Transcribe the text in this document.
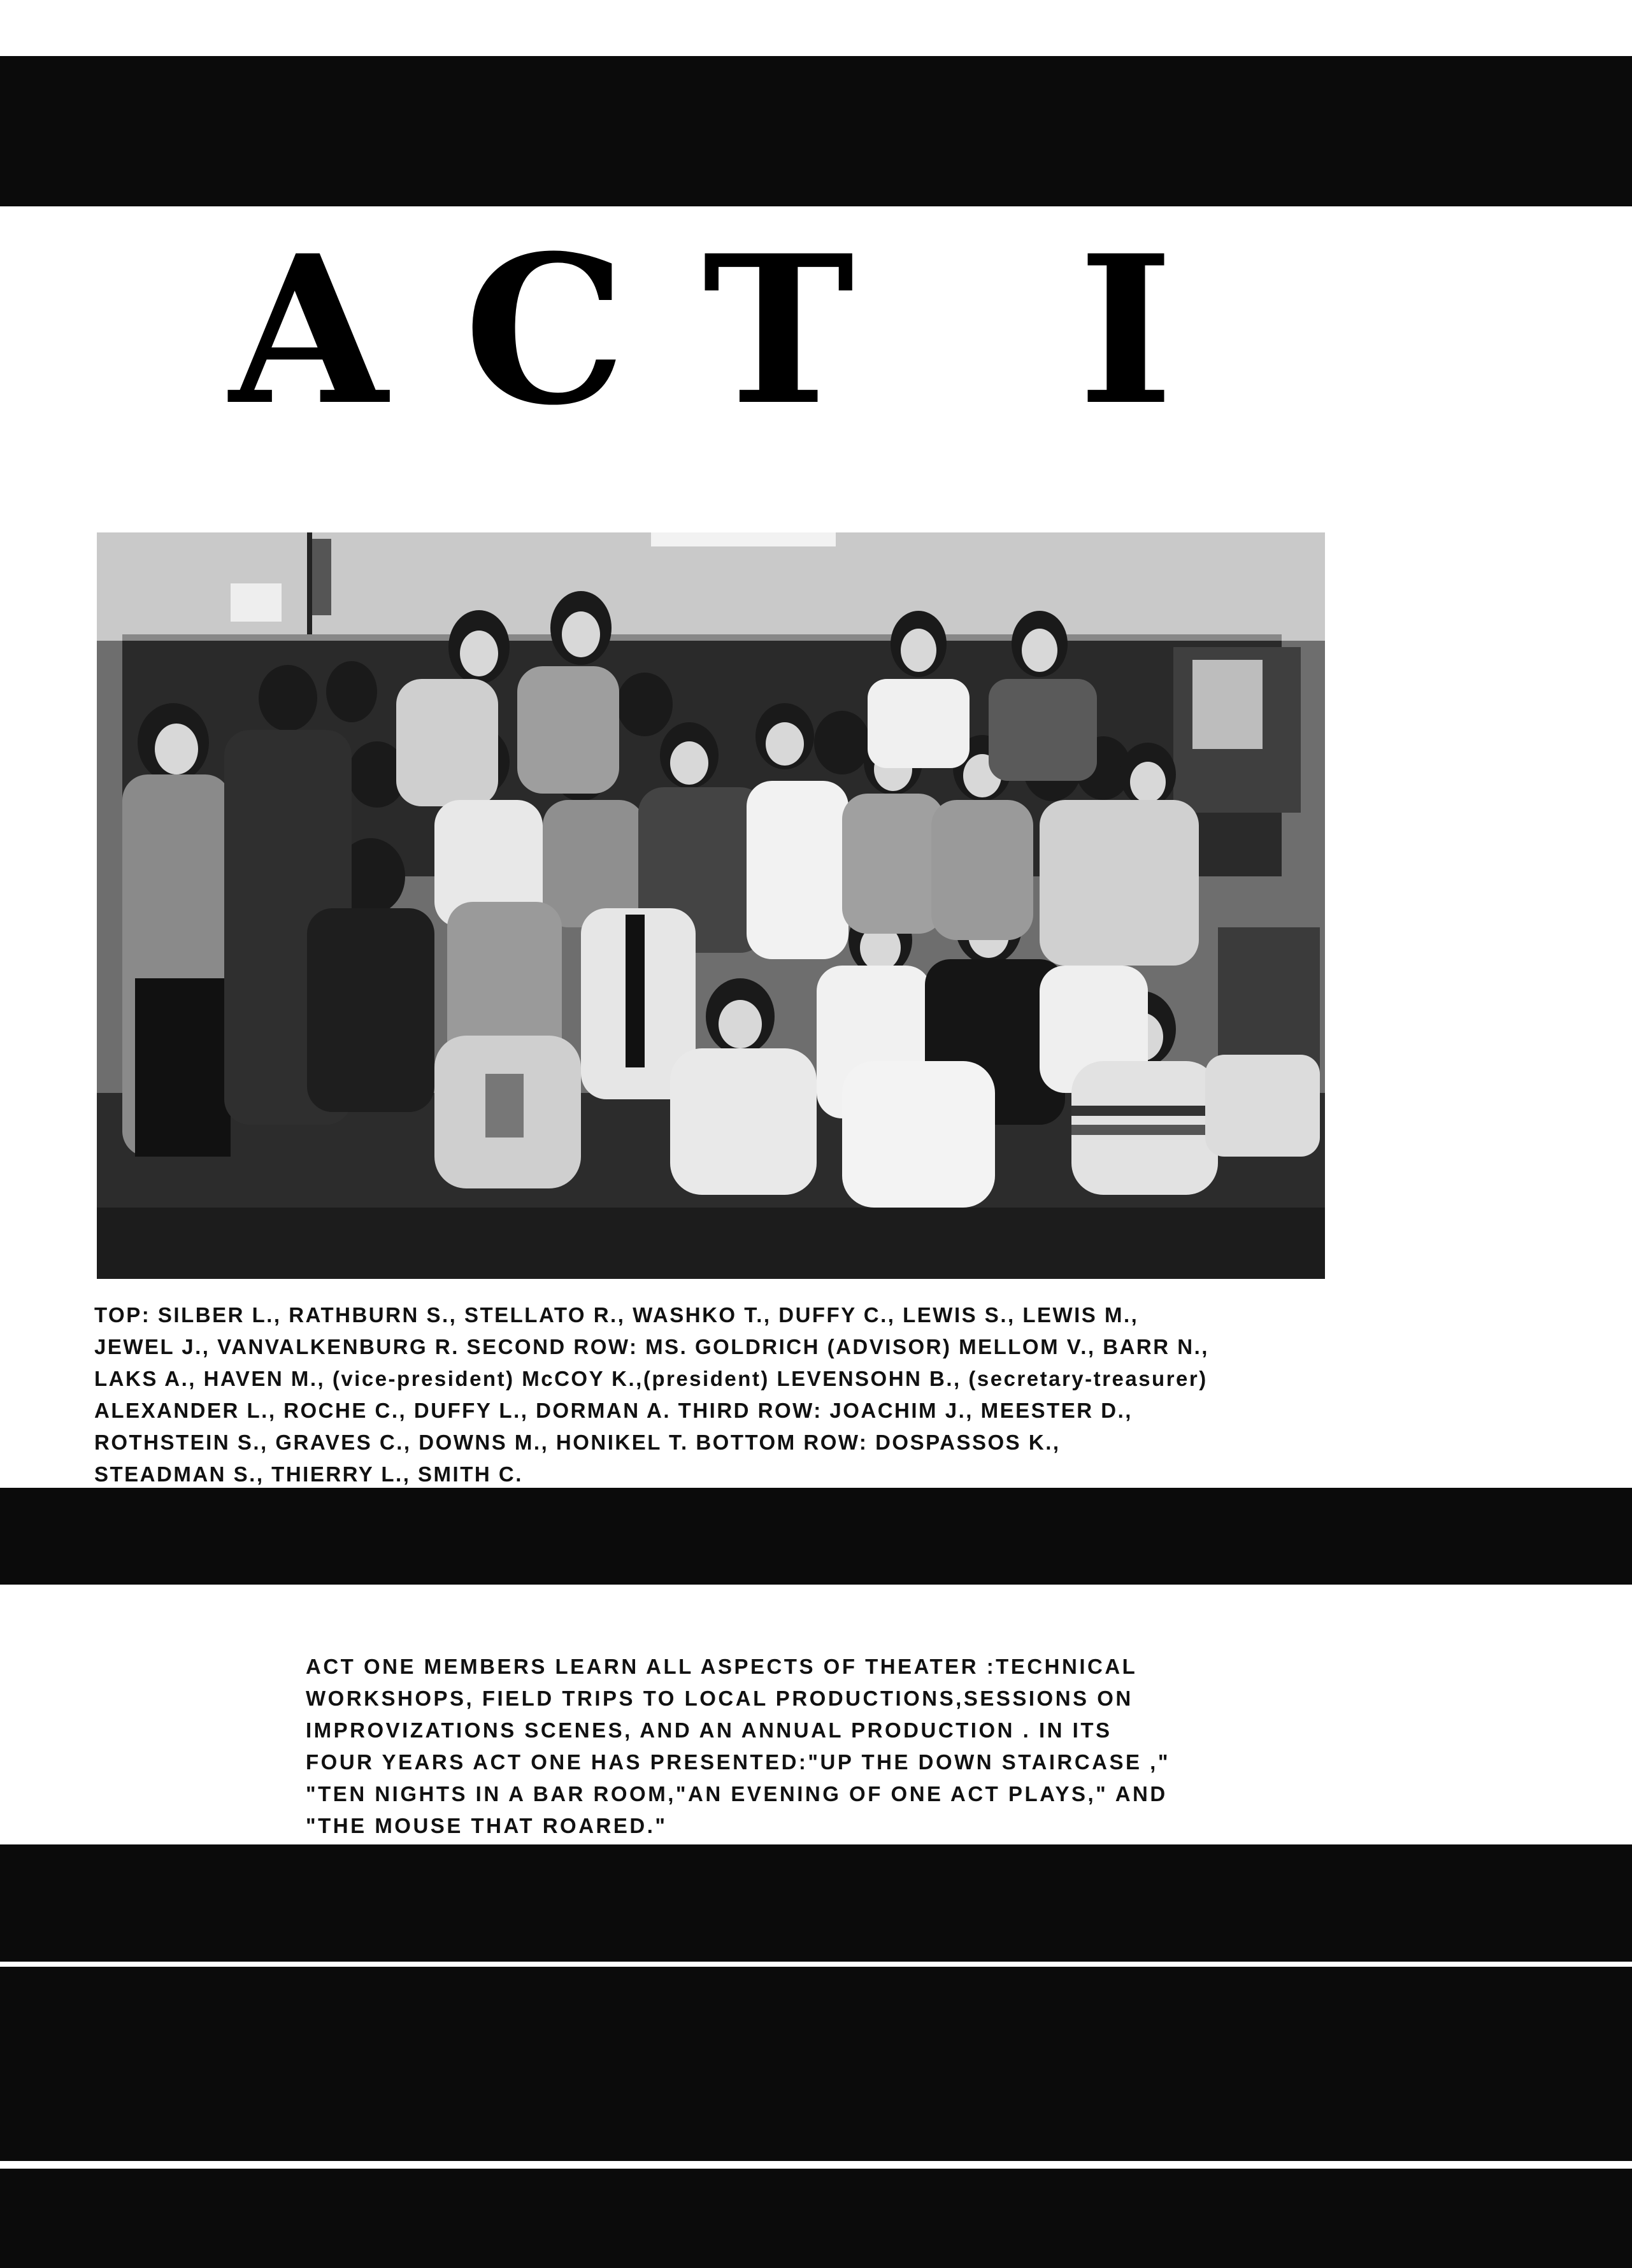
ACT I

TOP: SILBER L., RATHBURN S., STELLATO R., WASHKO T., DUFFY C., LEWIS S., LEWIS M.,
JEWEL J., VANVALKENBURG R. SECOND ROW: MS. GOLDRICH (ADVISOR) MELLOM V., BARR N.,
LAKS A., HAVEN M., (vice-president) McCOY K.,(president) LEVENSOHN B., (secretary-treasurer)
ALEXANDER L., ROCHE C., DUFFY L., DORMAN A. THIRD ROW: JOACHIM J., MEESTER D.,
ROTHSTEIN S., GRAVES C., DOWNS M., HONIKEL T. BOTTOM ROW: DOSPASSOS K.,
STEADMAN S., THIERRY L., SMITH C.

ACT ONE MEMBERS LEARN ALL ASPECTS OF THEATER :TECHNICAL
WORKSHOPS, FIELD TRIPS TO LOCAL PRODUCTIONS,SESSIONS ON
IMPROVIZATIONS SCENES, AND AN ANNUAL PRODUCTION . IN ITS
FOUR YEARS ACT ONE HAS PRESENTED:"UP THE DOWN STAIRCASE ,"
"TEN NIGHTS IN A BAR ROOM,"AN EVENING OF ONE ACT PLAYS," AND
"THE MOUSE THAT ROARED."
